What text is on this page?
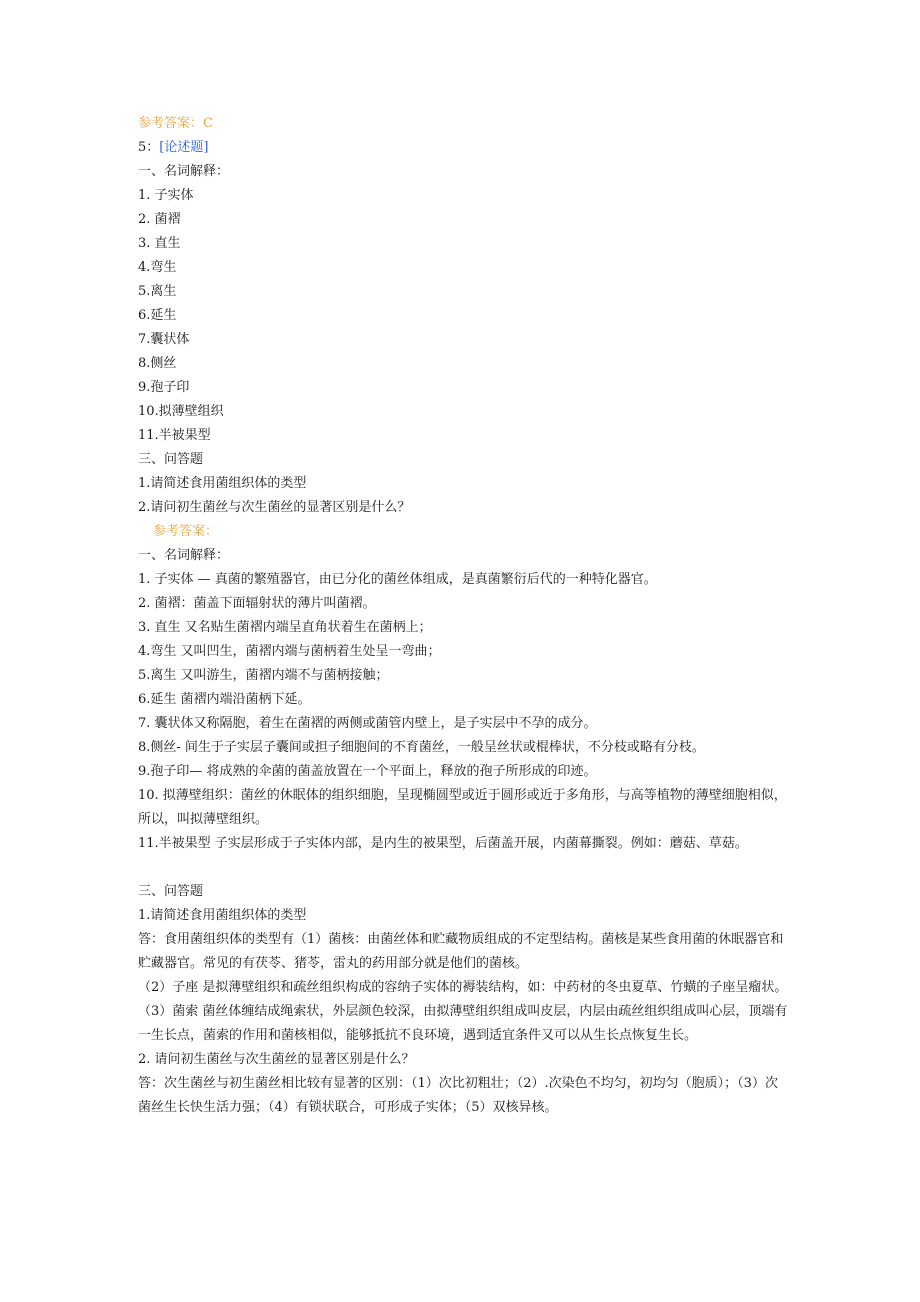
参考答案：C
5：[论述题]
一、名词解释：
1. 子实体
2. 菌褶
3. 直生
4.弯生
5.离生
6.延生
7.囊状体
8.侧丝
9.孢子印
10.拟薄壁组织
11.半被果型
三、问答题
1.请简述食用菌组织体的类型
2.请问初生菌丝与次生菌丝的显著区别是什么？
参考答案：
一、名词解释：
1. 子实体 — 真菌的繁殖器官，由已分化的菌丝体组成，是真菌繁衍后代的一种特化器官。
2. 菌褶：菌盖下面辐射状的薄片叫菌褶。
3. 直生 又名贴生菌褶内端呈直角状着生在菌柄上；
4.弯生 又叫凹生，菌褶内端与菌柄着生处呈一弯曲；
5.离生 又叫游生，菌褶内端不与菌柄接触；
6.延生 菌褶内端沿菌柄下延。
7. 囊状体又称隔胞，着生在菌褶的两侧或菌管内壁上，是子实层中不孕的成分。
8.侧丝- 间生于子实层子囊间或担子细胞间的不育菌丝，一般呈丝状或棍棒状，不分枝或略有分枝。
9.孢子印— 将成熟的伞菌的菌盖放置在一个平面上，释放的孢子所形成的印迹。
10. 拟薄壁组织：菌丝的休眠体的组织细胞，呈现椭圆型或近于圆形或近于多角形，与高等植物的薄壁细胞相似，所以，叫拟薄壁组织。
11.半被果型 子实层形成于子实体内部，是内生的被果型，后菌盖开展，内菌幕撕裂。例如：蘑菇、草菇。
三、问答题
1.请简述食用菌组织体的类型
答：食用菌组织体的类型有（1）菌核：由菌丝体和贮藏物质组成的不定型结构。菌核是某些食用菌的休眠器官和贮藏器官。常见的有茯苓、猪苓，雷丸的药用部分就是他们的菌核。
（2）子座 是拟薄壁组织和疏丝组织构成的容纳子实体的褥装结构，如：中药材的冬虫夏草、竹蟥的子座呈瘤状。
（3）菌索 菌丝体缠结成绳索状，外层颜色较深，由拟薄壁组织组成叫皮层，内层由疏丝组织组成叫心层，顶端有一生长点，菌索的作用和菌核相似，能够抵抗不良环境，遇到适宜条件又可以从生长点恢复生长。
2. 请问初生菌丝与次生菌丝的显著区别是什么？
答：次生菌丝与初生菌丝相比较有显著的区别：（1）次比初粗壮；（2）.次染色不均匀，初均匀（胞质）；（3）次菌丝生长快生活力强；（4）有锁状联合，可形成子实体；（5）双核异核。
